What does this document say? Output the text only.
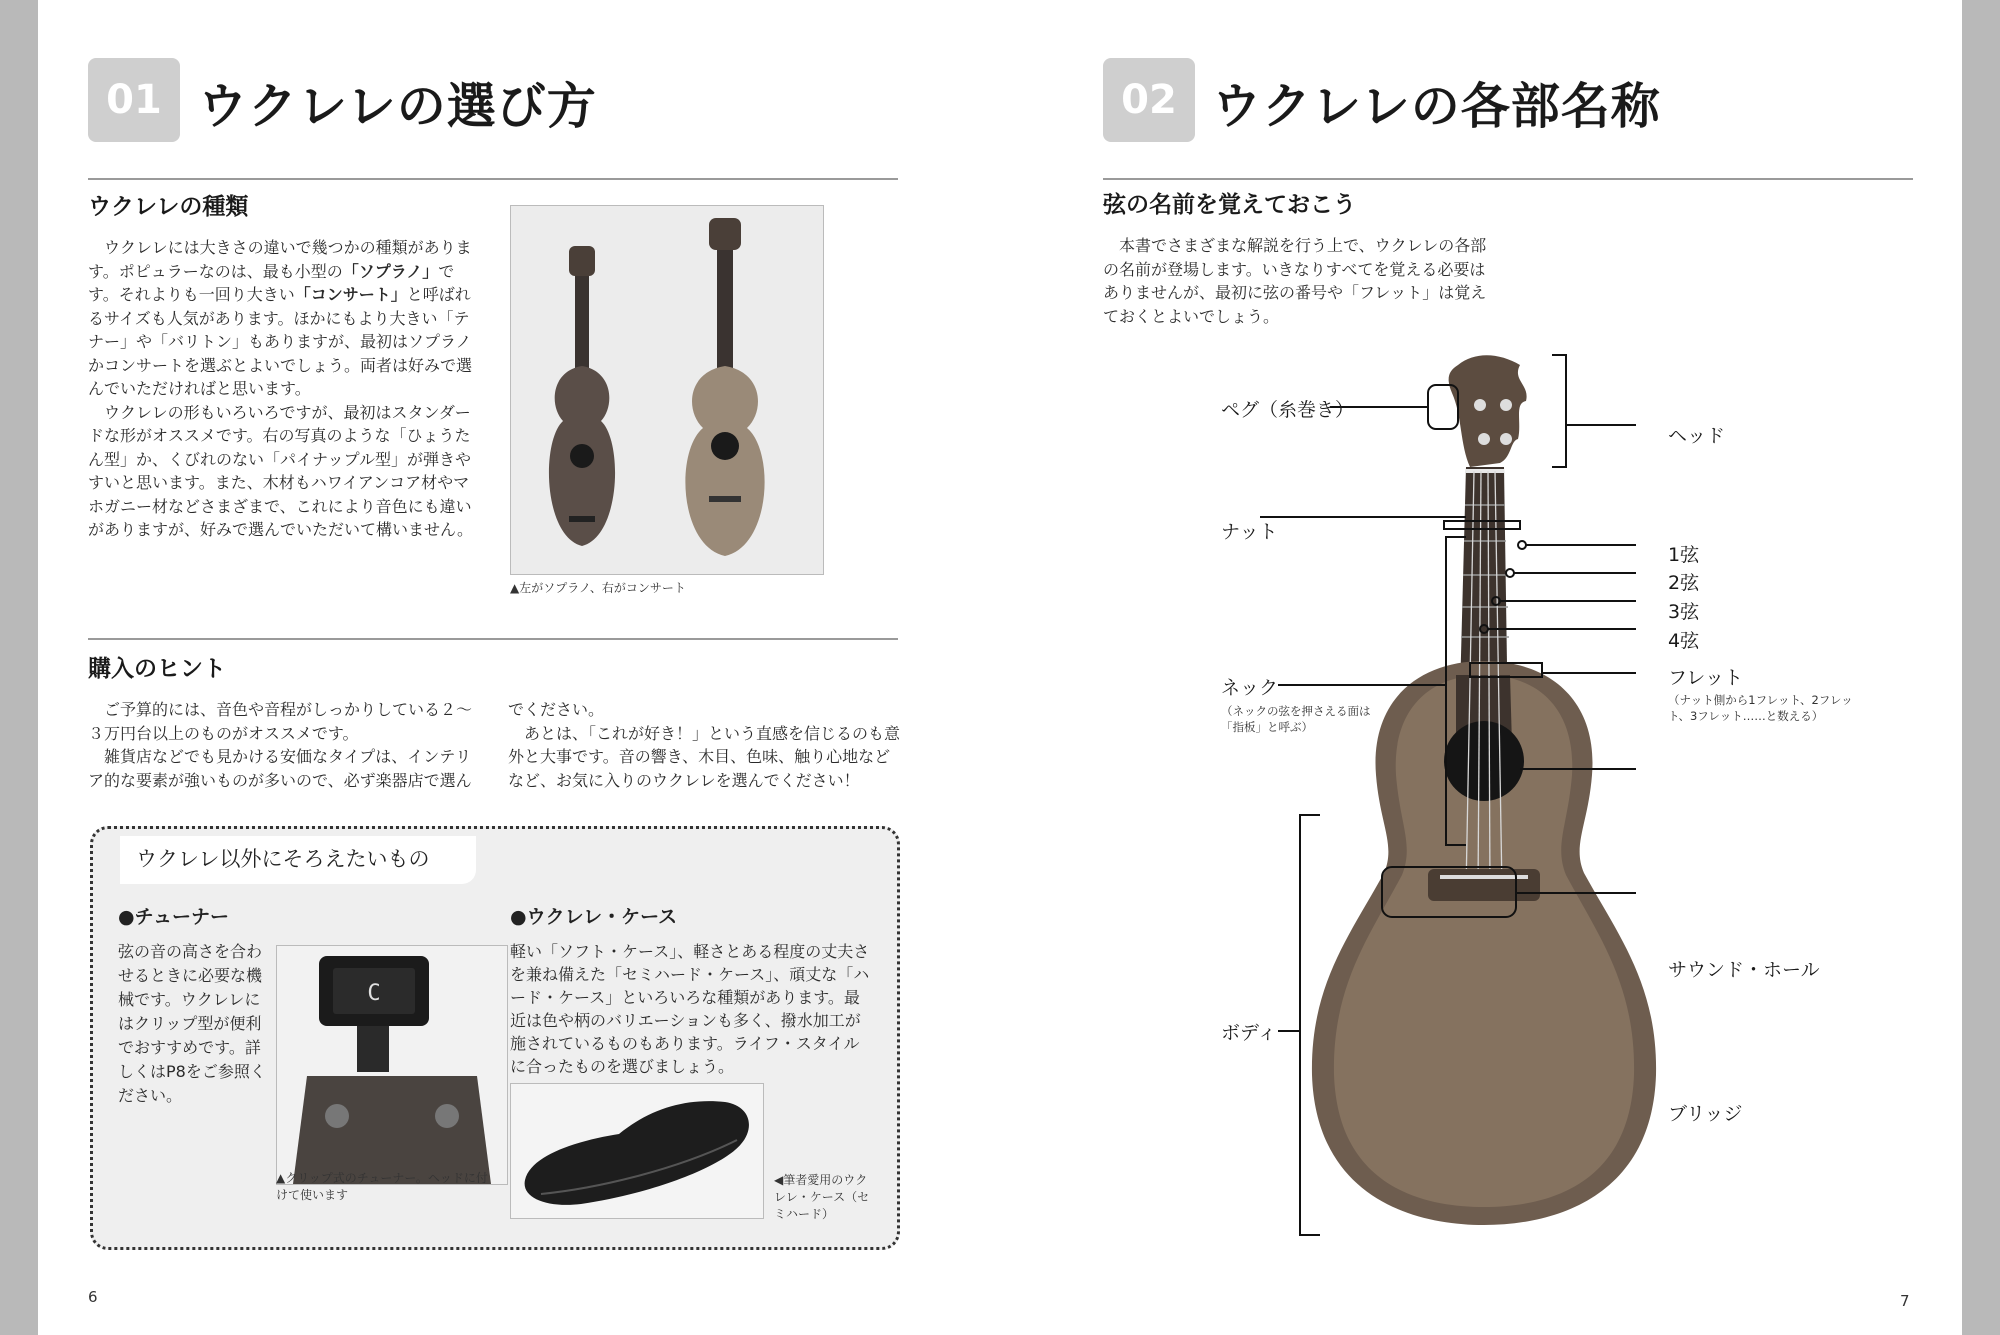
01 ウクレレの選び方
ウクレレの種類

ウクレレには大きさの違いで幾つかの種類があります。ポピュラーなのは、最も小型の「ソプラノ」です。それよりも一回り大きい「コンサート」と呼ばれるサイズも人気があります。ほかにもより大きい「テナー」や「バリトン」もありますが、最初はソプラノかコンサートを選ぶとよいでしょう。両者は好みで選んでいただければと思います。

ウクレレの形もいろいろですが、最初はスタンダードな形がオススメです。右の写真のような「ひょうたん型」か、くびれのない「パイナップル型」が弾きやすいと思います。また、木材もハワイアンコア材やマホガニー材などさまざまで、これにより音色にも違いがありますが、好みで選んでいただいて構いません。

▲左がソプラノ、右がコンサート
購入のヒント

ご予算的には、音色や音程がしっかりしている２〜３万円台以上のものがオススメです。

雑貨店などでも見かける安価なタイプは、インテリア的な要素が強いものが多いので、必ず楽器店で選ん

でください。

あとは、「これが好き！」という直感を信じるのも意外と大事です。音の響き、木目、色味、触り心地などなど、お気に入りのウクレレを選んでください！

ウクレレ以外にそろえたいもの
●チューナー
弦の音の高さを合わせるときに必要な機械です。ウクレレにはクリップ型が便利でおすすめです。詳しくはP8をご参照ください。
C
▲クリップ式のチューナー。ヘッドに付けて使います
●ウクレレ・ケース
軽い「ソフト・ケース」、軽さとある程度の丈夫さを兼ね備えた「セミハード・ケース」、頑丈な「ハード・ケース」といろいろな種類があります。最近は色や柄のバリエーションも多く、撥水加工が施されているものもあります。ライフ・スタイルに合ったものを選びましょう。
◀筆者愛用のウクレレ・ケース（セミハード）
6
02 ウクレレの各部名称
弦の名前を覚えておこう

本書でさまざまな解説を行う上で、ウクレレの各部の名前が登場します。いきなりすべてを覚える必要はありませんが、最初に弦の番号や「フレット」は覚えておくとよいでしょう。

ペグ（糸巻き）
ヘッド
ナット
1弦
2弦
3弦
4弦
ネック
（ネックの弦を押さえる面は「指板」と呼ぶ）
フレット
（ナット側から1フレット、2フレット、3フレット……と数える）
サウンド・ホール
ボディ
ブリッジ
7
